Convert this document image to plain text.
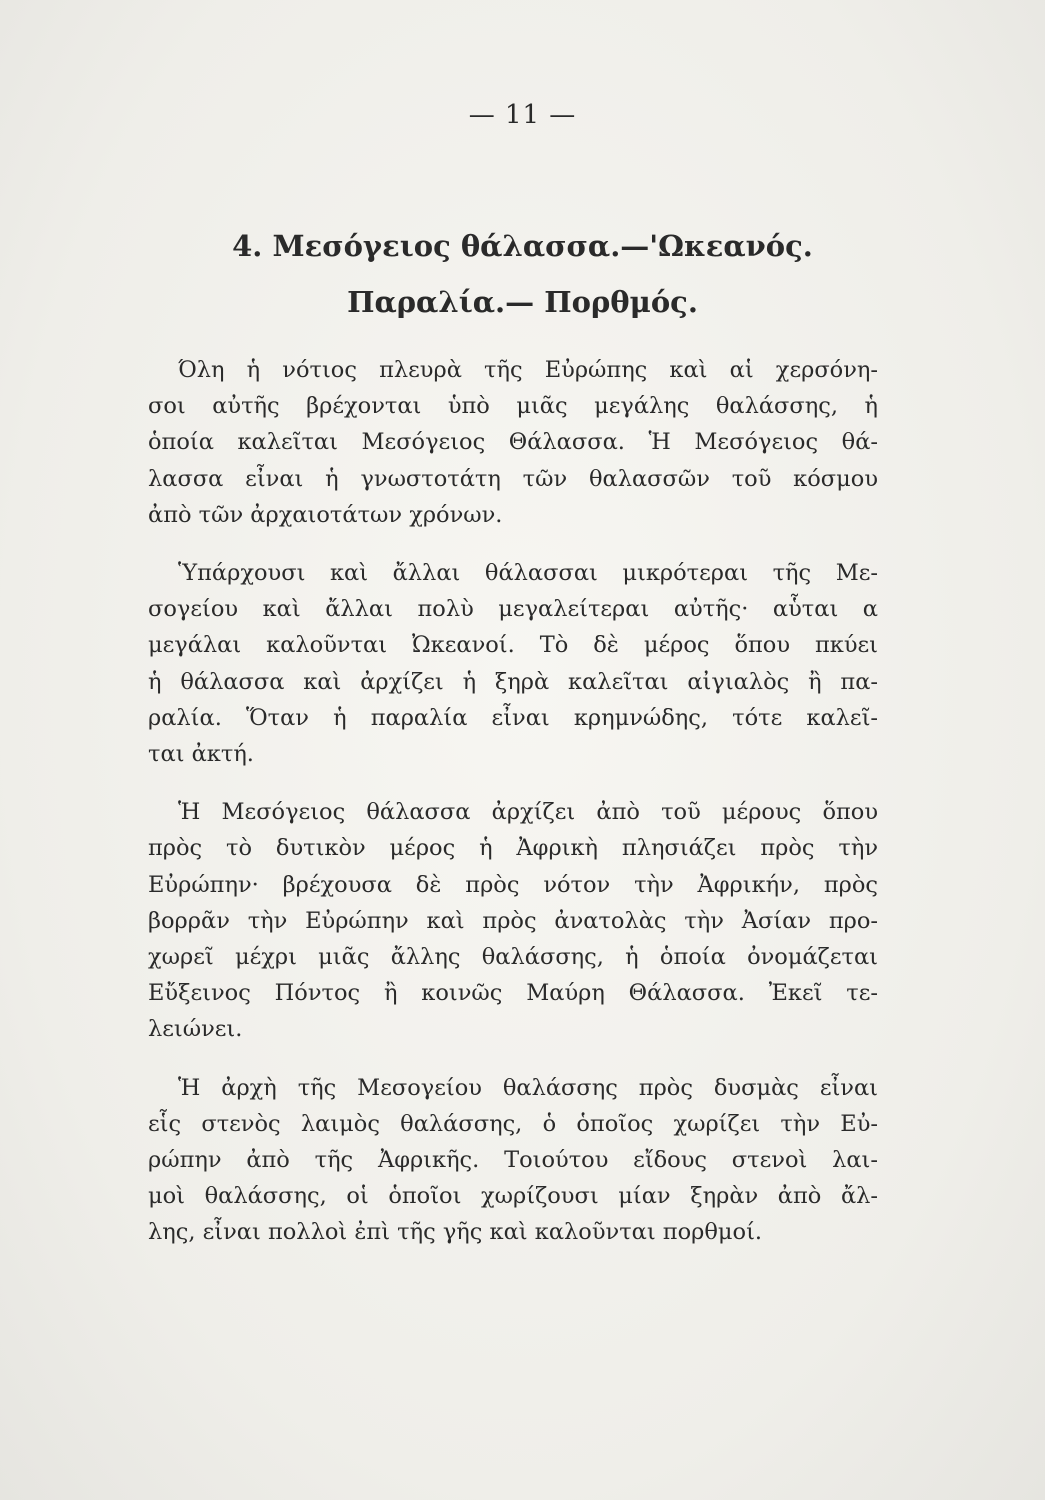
— 11 —
4. Μεσόγειος θάλασσα.—'Ωκεανός.
Παραλία.— Πορθμός.
Όλη ἡ νότιος πλευρὰ τῆς Εὐρώπης καὶ αἱ χερσόνη-
σοι αὐτῆς βρέχονται ὑπὸ μιᾶς μεγάλης θαλάσσης, ἡ
ὁποία καλεῖται Μεσόγειος Θάλασσα. Ἡ Μεσόγειος θά-
λασσα εἶναι ἡ γνωστοτάτη τῶν θαλασσῶν τοῦ κόσμου
ἀπὸ τῶν ἀρχαιοτάτων χρόνων.
Ὑπάρχουσι καὶ ἄλλαι θάλασσαι μικρότεραι τῆς Με-
σογείου καὶ ἄλλαι πολὺ μεγαλείτεραι αὐτῆς· αὗται α
μεγάλαι καλοῦνται Ὠκεανοί. Τὸ δὲ μέρος ὅπου πκύει
ἡ θάλασσα καὶ ἀρχίζει ἡ ξηρὰ καλεῖται αἰγιαλὸς ἢ πα-
ραλία. Ὅταν ἡ παραλία εἶναι κρημνώδης, τότε καλεῖ-
ται ἀκτή.
Ἡ Μεσόγειος θάλασσα ἀρχίζει ἀπὸ τοῦ μέρους ὅπου
πρὸς τὸ δυτικὸν μέρος ἡ Ἀφρικὴ πλησιάζει πρὸς τὴν
Εὐρώπην· βρέχουσα δὲ πρὸς νότον τὴν Ἀφρικήν, πρὸς
βορρᾶν τὴν Εὐρώπην καὶ πρὸς ἀνατολὰς τὴν Ἀσίαν προ-
χωρεῖ μέχρι μιᾶς ἄλλης θαλάσσης, ἡ ὁποία ὀνομάζεται
Εὔξεινος Πόντος ἢ κοινῶς Μαύρη Θάλασσα. Ἐκεῖ τε-
λειώνει.
Ἡ ἀρχὴ τῆς Μεσογείου θαλάσσης πρὸς δυσμὰς εἶναι
εἷς στενὸς λαιμὸς θαλάσσης, ὁ ὁποῖος χωρίζει τὴν Εὐ-
ρώπην ἀπὸ τῆς Ἀφρικῆς. Τοιούτου εἴδους στενοὶ λαι-
μοὶ θαλάσσης, οἱ ὁποῖοι χωρίζουσι μίαν ξηρὰν ἀπὸ ἄλ-
λης, εἶναι πολλοὶ ἐπὶ τῆς γῆς καὶ καλοῦνται πορθμοί.
